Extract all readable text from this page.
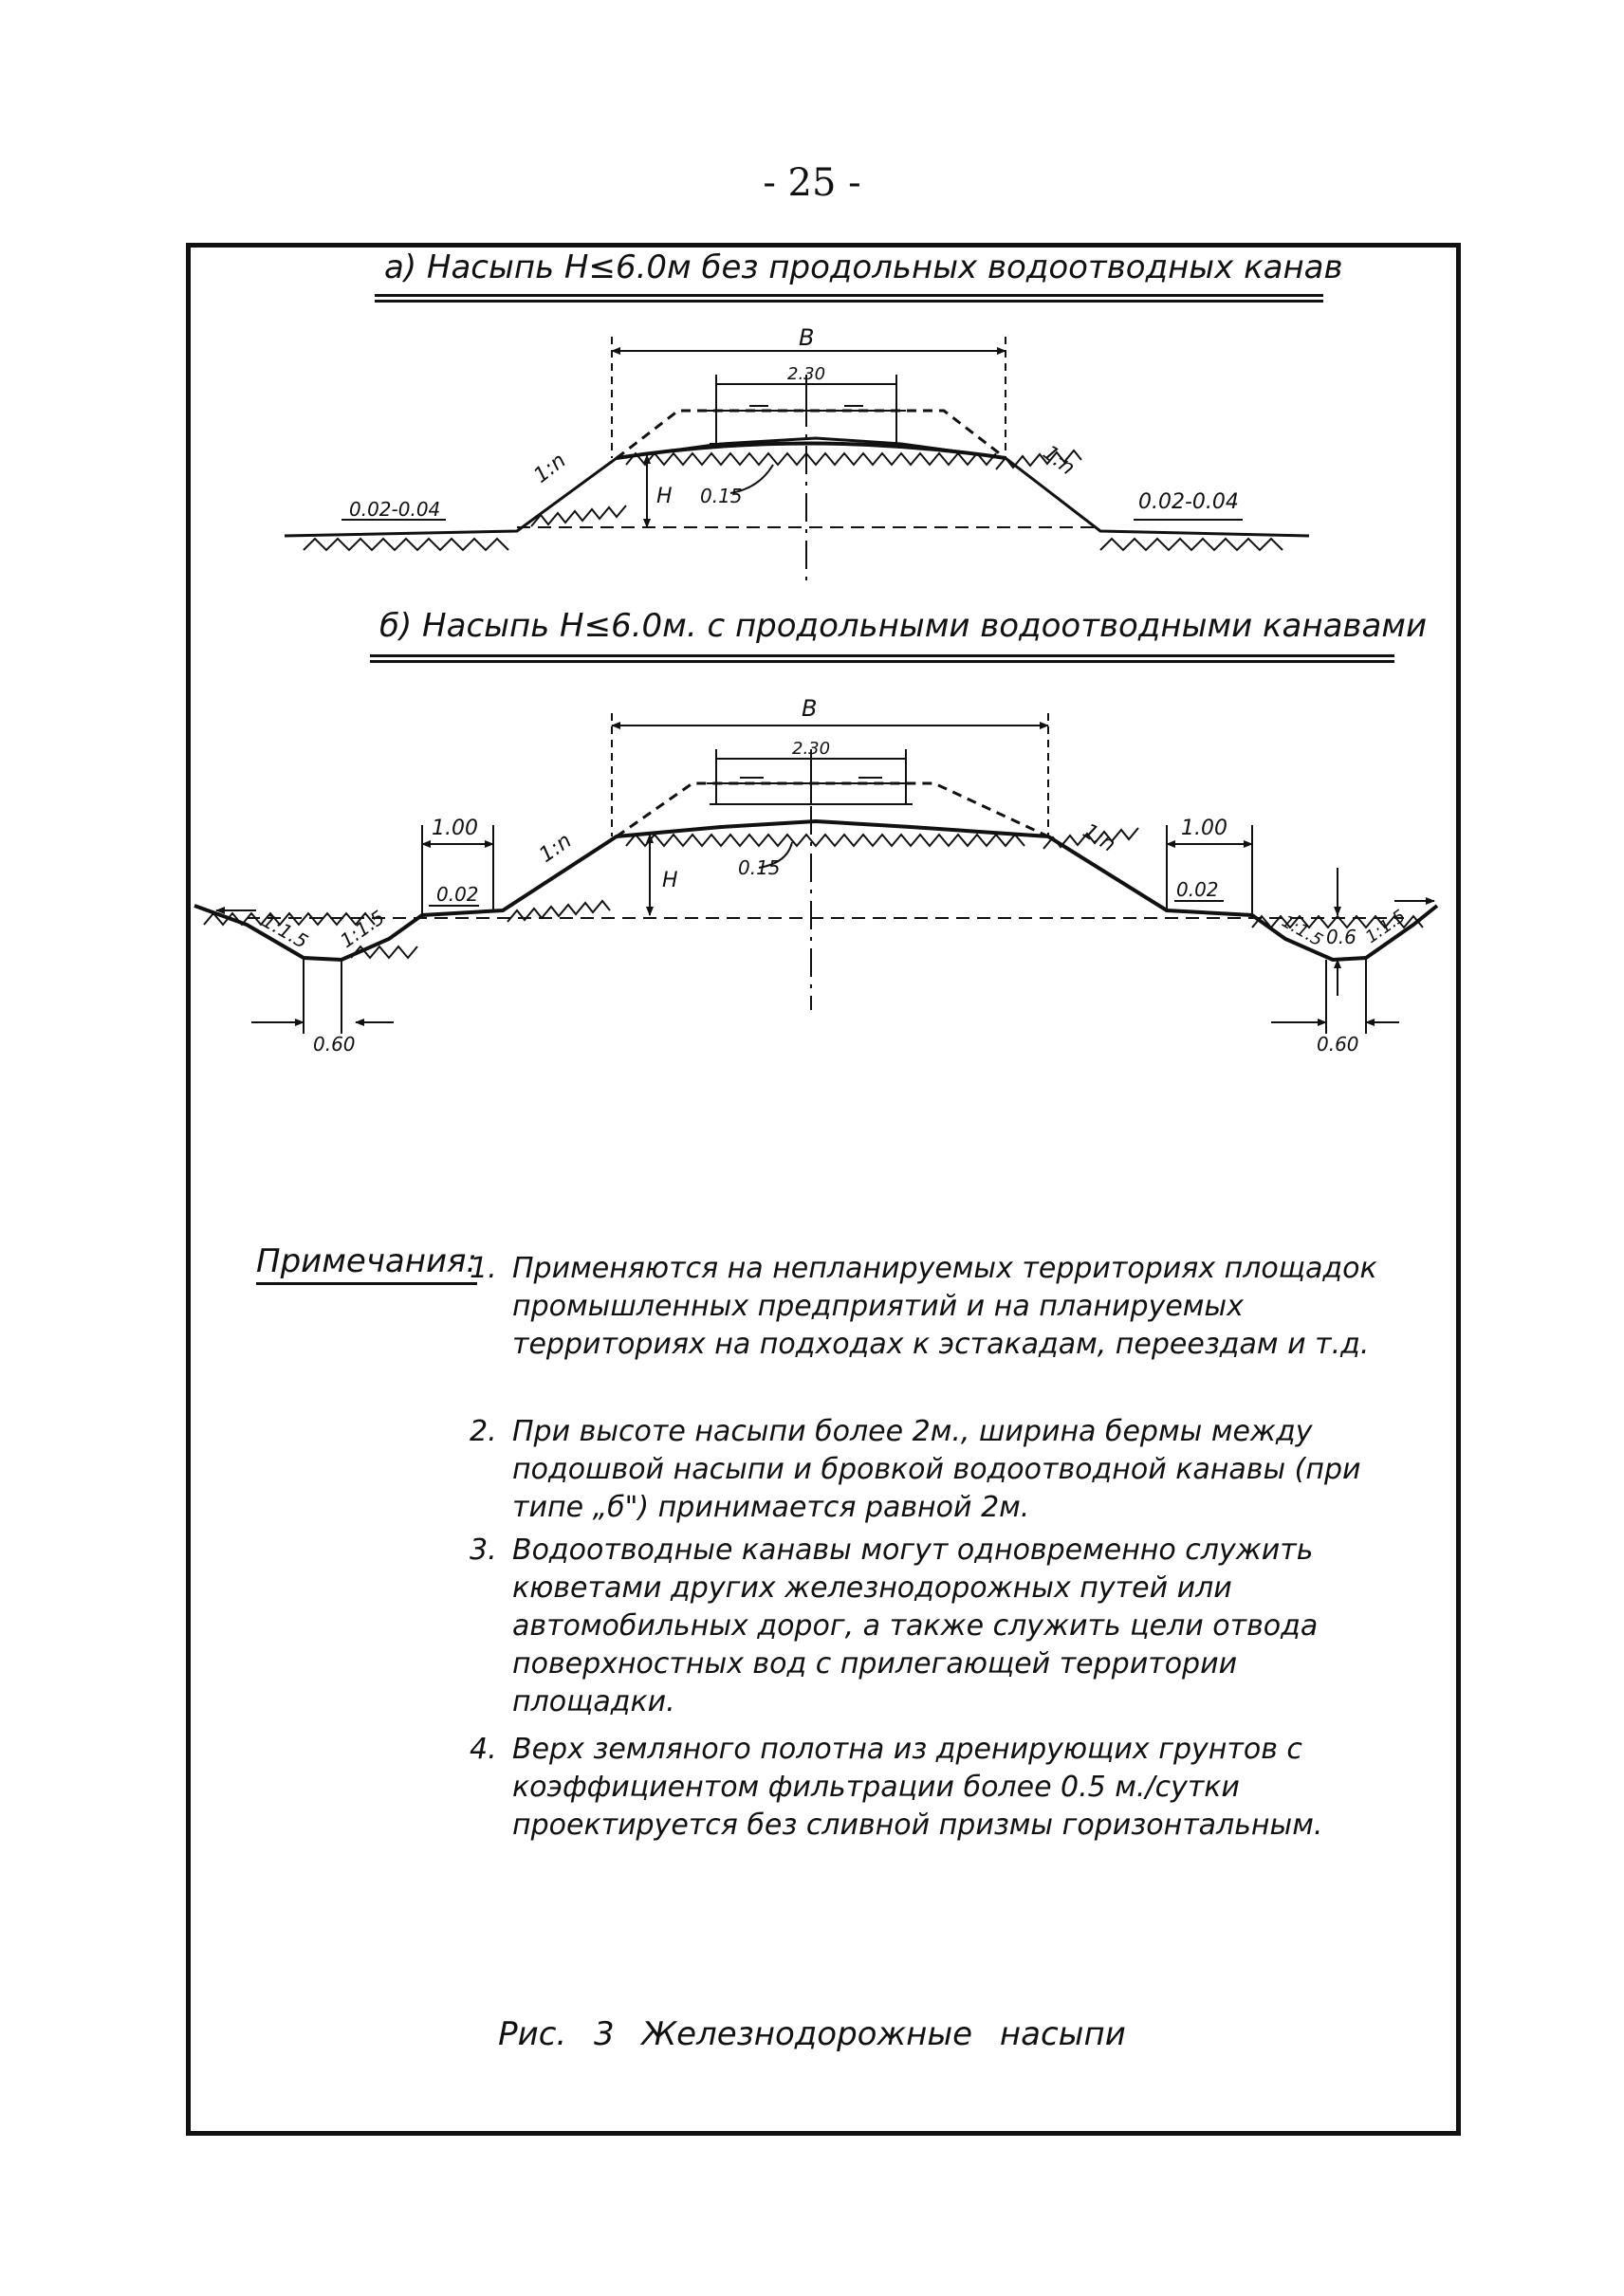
- 25 -
a) Насыпь Н≤6.0м без продольных водоотводных канав
б) Насыпь Н≤6.0м. с продольными водоотводными канавами
В
2.30
Н 0.15
1:n	1:n
0.02-0.04	0.02-0.04
В
2.30
Н
0.15
1:n	1:n
1.00	1.00
0.02	0.02
1:1.5 1:1.5	1:1.5 1:1.5
0.6
0.60	0.60
Примечания:
1. Применяются на непланируемых территориях площадок промышленных предприятий и на планируемых территориях на подходах к эстакадам, переездам и т.д.
2. При высоте насыпи более 2м., ширина бермы между подошвой насыпи и бровкой водоотводной канавы (при типе „б") принимается равной 2м.
3. Водоотводные канавы могут одновременно служить кюветами других железнодорожных путей или автомобильных дорог, а также служить цели отвода поверхностных вод с прилегающей территории площадки.
4. Верх земляного полотна из дренирующих грунтов с коэффициентом фильтрации более 0.5 м./сутки проектируется без сливной призмы горизонтальным.
Рис. 3 Железнодорожные насыпи
